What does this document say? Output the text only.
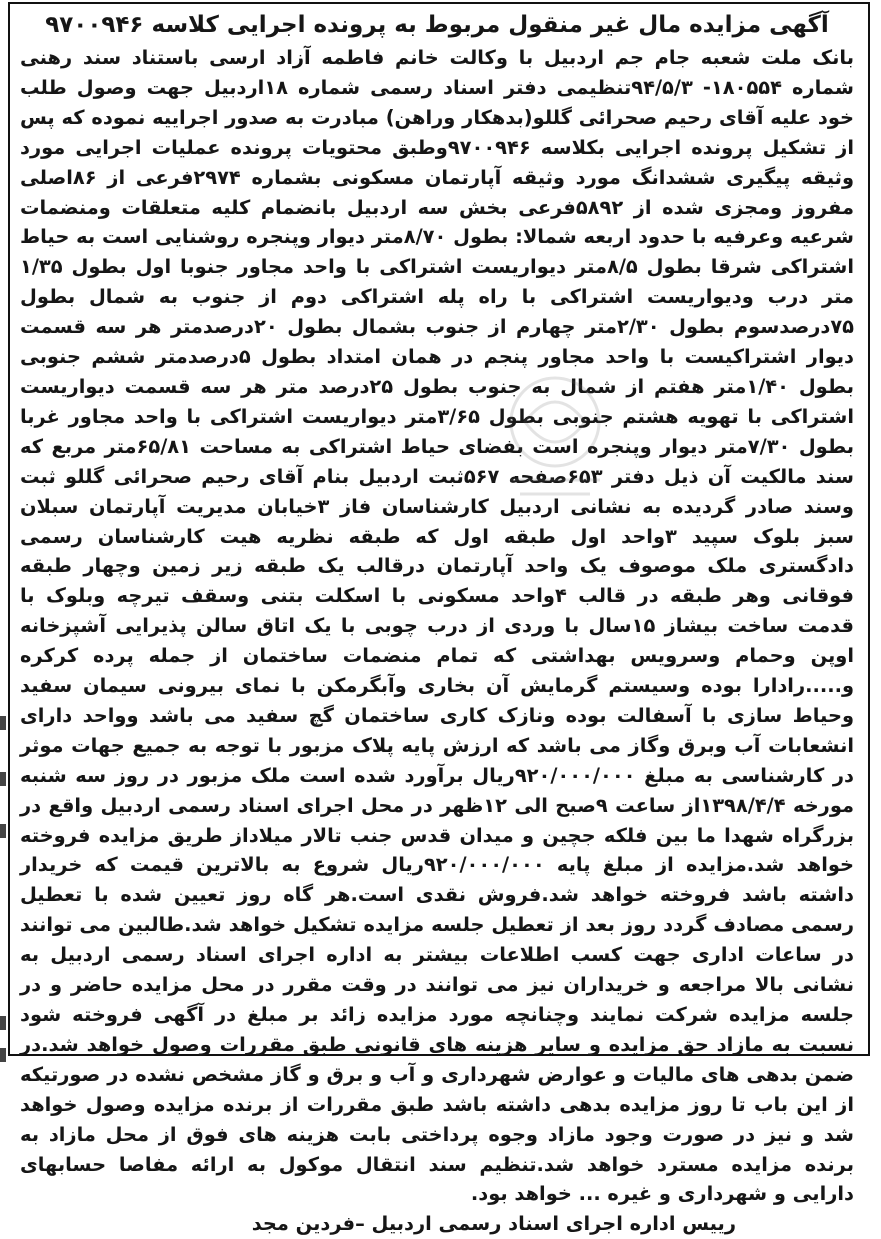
آگهی مزایده مال غیر منقول مربوط به پرونده اجرایی کلاسه ۹۷۰۰۹۴۶

بانک ملت شعبه جام جم اردبیل با وکالت خانم فاطمه آزاد ارسی باستناد سند رهنی شماره ۱۸۰۵۵۴- ۹۴/۵/۳تنظیمی دفتر اسناد رسمی شماره ۱۸اردبیل جهت وصول طلب خود علیه آقای رحیم صحرائی گللو(بدهکار وراهن) مبادرت به صدور اجراییه نموده که پس از تشکیل پرونده اجرایی بکلاسه ۹۷۰۰۹۴۶وطبق محتویات پرونده عملیات اجرایی مورد وثیقه پیگیری ششدانگ مورد وثیقه آپارتمان مسکونی بشماره ۲۹۷۴فرعی از ۸۶اصلی مفروز ومجزی شده از ۵۸۹۲فرعی بخش سه اردبیل بانضمام کلیه متعلقات ومنضمات شرعیه وعرفیه با حدود اربعه شمالا: بطول ۸/۷۰متر دیوار وپنجره روشنایی است به حیاط اشتراکی شرقا بطول ۸/۵متر دیواریست اشتراکی با واحد مجاور جنوبا اول بطول ۱/۳۵ متر درب ودیواریست اشتراکی با راه پله اشتراکی دوم از جنوب به شمال بطول ۷۵درصدسوم بطول ۲/۳۰متر چهارم از جنوب بشمال بطول ۲۰درصدمتر هر سه قسمت دیوار اشتراکیست با واحد مجاور پنجم در همان امتداد بطول ۵درصدمتر ششم جنوبی بطول ۱/۴۰متر هفتم از شمال به جنوب بطول ۲۵درصد متر هر سه قسمت دیواریست اشتراکی با تهویه هشتم جنوبی بطول ۳/۶۵متر دیواریست اشتراکی با واحد مجاور غربا بطول ۷/۳۰متر دیوار وپنجره است بفضای حیاط اشتراکی به مساحت ۶۵/۸۱متر مربع که سند مالکیت آن ذیل دفتر ۶۵۳صفحه ۵۶۷ثبت اردبیل بنام آقای رحیم صحرائی گللو ثبت وسند صادر گردیده به نشانی اردبیل کارشناسان فاز ۳خیابان مدیریت آپارتمان سبلان سبز بلوک سپید ۳واحد اول طبقه اول که طبقه نظریه هیت کارشناسان رسمی دادگستری ملک موصوف یک واحد آپارتمان درقالب یک طبقه زیر زمین وچهار طبقه فوقانی وهر طبقه در قالب ۴واحد مسکونی با اسکلت بتنی وسقف تیرچه وبلوک با قدمت ساخت بیشاز ۱۵سال با وردی از درب چوبی با یک اتاق سالن پذیرایی آشپزخانه اوپن وحمام وسرویس بهداشتی که تمام منضمات ساختمان از جمله پرده کرکره و.....رادارا بوده وسیستم گرمایش آن بخاری وآبگرمکن با نمای بیرونی سیمان سفید وحیاط سازی با آسفالت بوده ونازک کاری ساختمان گچ سفید می باشد وواحد دارای انشعابات آب وبرق وگاز می باشد که ارزش پایه پلاک مزبور با توجه به جمیع جهات موثر در کارشناسی به مبلغ ۹۲۰/۰۰۰/۰۰۰ریال برآورد شده است ملک مزبور در روز سه شنبه مورخه ۱۳۹۸/۴/۴از ساعت ۹صبح الی ۱۲ظهر در محل اجرای اسناد رسمی اردبیل واقع در بزرگراه شهدا ما بین فلکه جچین و میدان قدس جنب تالار میلاداز طریق مزایده فروخته خواهد شد.مزایده از مبلغ پایه ۹۲۰/۰۰۰/۰۰۰ریال شروع به بالاترین قیمت که خریدار داشته باشد فروخته خواهد شد.فروش نقدی است.هر گاه روز تعیین شده با تعطیل رسمی مصادف گردد روز بعد از تعطیل جلسه مزایده تشکیل خواهد شد.طالبین می توانند در ساعات اداری جهت کسب اطلاعات بیشتر به اداره اجرای اسناد رسمی اردبیل به نشانی بالا مراجعه و خریداران نیز می توانند در وقت مقرر در محل مزایده حاضر و در جلسه مزایده شرکت نمایند وچنانچه مورد مزایده زائد بر مبلغ در آگهی فروخته شود نسبت به مازاد حق مزایده و سایر هزینه های قانونی طبق مقررات وصول خواهد شد.در ضمن بدهی های مالیات و عوارض شهرداری و آب و برق و گاز مشخص نشده در صورتیکه از این باب تا روز مزایده بدهی داشته باشد طبق مقررات از برنده مزایده وصول خواهد شد و نیز در صورت وجود مازاد وجوه پرداختی بابت هزینه های فوق از محل مازاد به برنده مزایده مسترد خواهد شد.تنظیم سند انتقال موکول به ارائه مفاصا حسابهای دارایی و شهرداری و غیره ... خواهد بود.

رییس اداره اجرای اسناد رسمی اردبیل –فردین مجد
